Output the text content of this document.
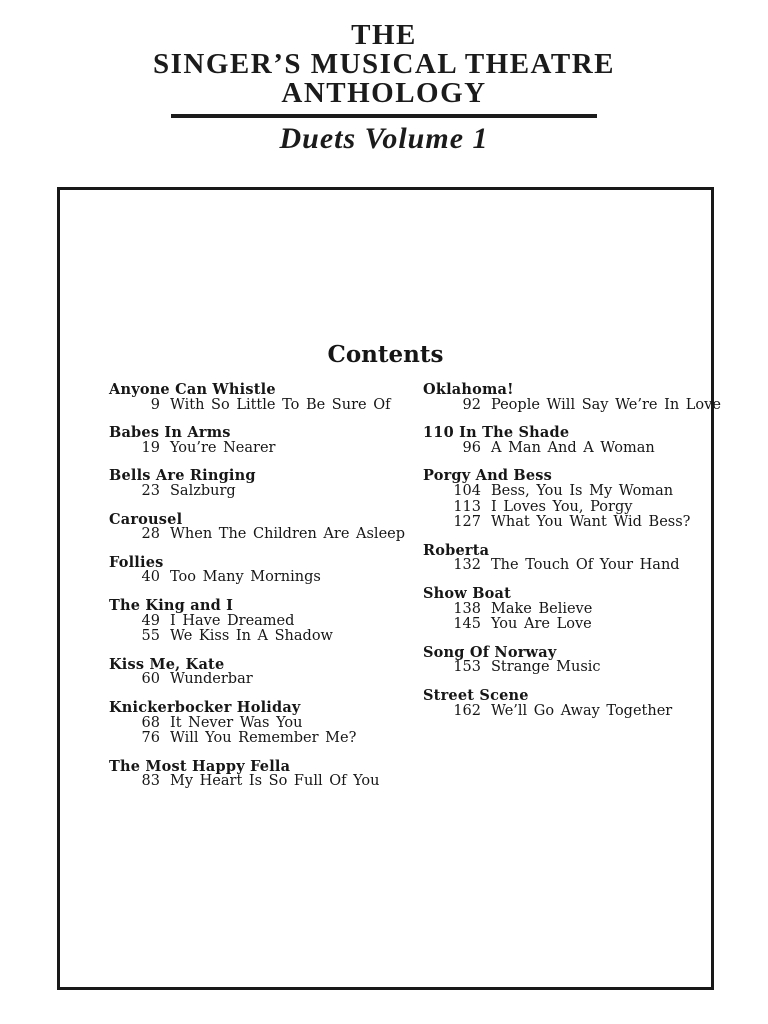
THE
SINGER’S MUSICAL THEATRE
ANTHOLOGY
Duets Volume 1
Contents
Anyone Can Whistle
9 With So Little To Be Sure Of
Babes In Arms
19 You’re Nearer
Bells Are Ringing
23 Salzburg
Carousel
28 When The Children Are Asleep
Follies
40 Too Many Mornings
The King and I
49 I Have Dreamed
55 We Kiss In A Shadow
Kiss Me, Kate
60 Wunderbar
Knickerbocker Holiday
68 It Never Was You
76 Will You Remember Me?
The Most Happy Fella
83 My Heart Is So Full Of You
Oklahoma!
92 People Will Say We’re In Love
110 In The Shade
96 A Man And A Woman
Porgy And Bess
104 Bess, You Is My Woman
113 I Loves You, Porgy
127 What You Want Wid Bess?
Roberta
132 The Touch Of Your Hand
Show Boat
138 Make Believe
145 You Are Love
Song Of Norway
153 Strange Music
Street Scene
162 We’ll Go Away Together
